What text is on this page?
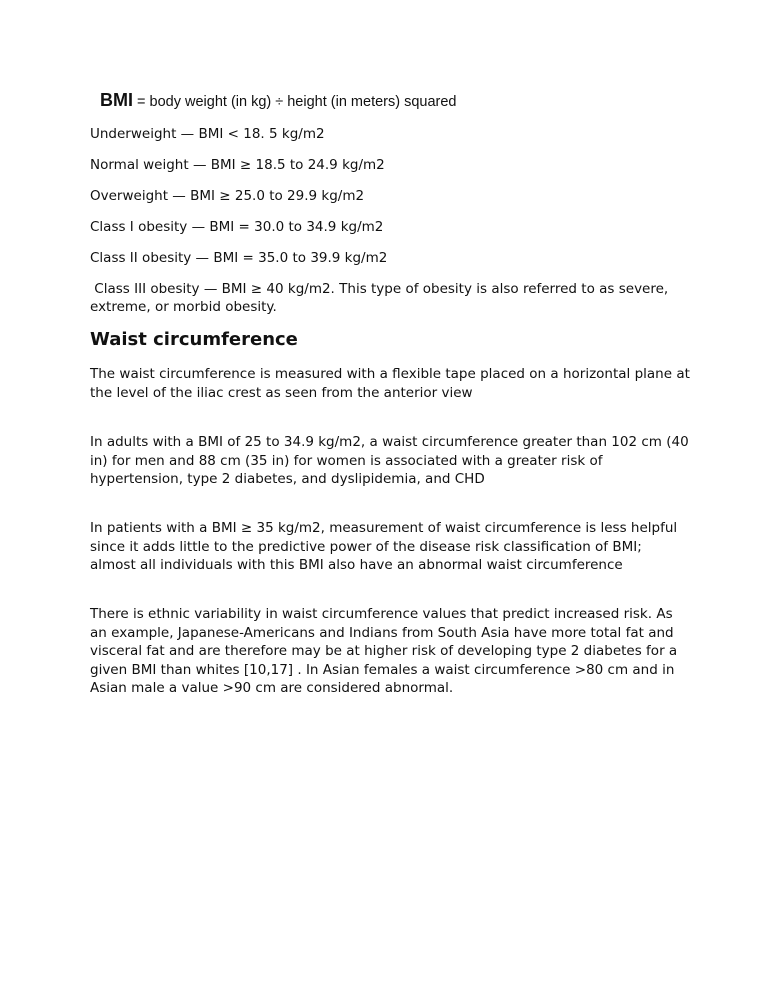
BMI = body weight (in kg) ÷ height (in meters) squared
Underweight — BMI < 18. 5 kg/m2
Normal weight — BMI ≥ 18.5 to 24.9 kg/m2
Overweight — BMI ≥ 25.0 to 29.9 kg/m2
Class I obesity — BMI = 30.0 to 34.9 kg/m2
Class II obesity — BMI = 35.0 to 39.9 kg/m2
Class III obesity — BMI ≥ 40 kg/m2. This type of obesity is also referred to as severe, extreme, or morbid obesity.
Waist circumference
The waist circumference is measured with a flexible tape placed on a horizontal plane at the level of the iliac crest as seen from the anterior view
In adults with a BMI of 25 to 34.9 kg/m2, a waist circumference greater than 102 cm (40 in) for men and 88 cm (35 in) for women is associated with a greater risk of hypertension, type 2 diabetes, and dyslipidemia, and CHD
In patients with a BMI ≥ 35 kg/m2, measurement of waist circumference is less helpful since it adds little to the predictive power of the disease risk classification of BMI; almost all individuals with this BMI also have an abnormal waist circumference
There is ethnic variability in waist circumference values that predict increased risk. As an example, Japanese-Americans and Indians from South Asia have more total fat and visceral fat and are therefore may be at higher risk of developing type 2 diabetes for a given BMI than whites [10,17] . In Asian females a waist circumference >80 cm and in Asian male a value >90 cm are considered abnormal.
